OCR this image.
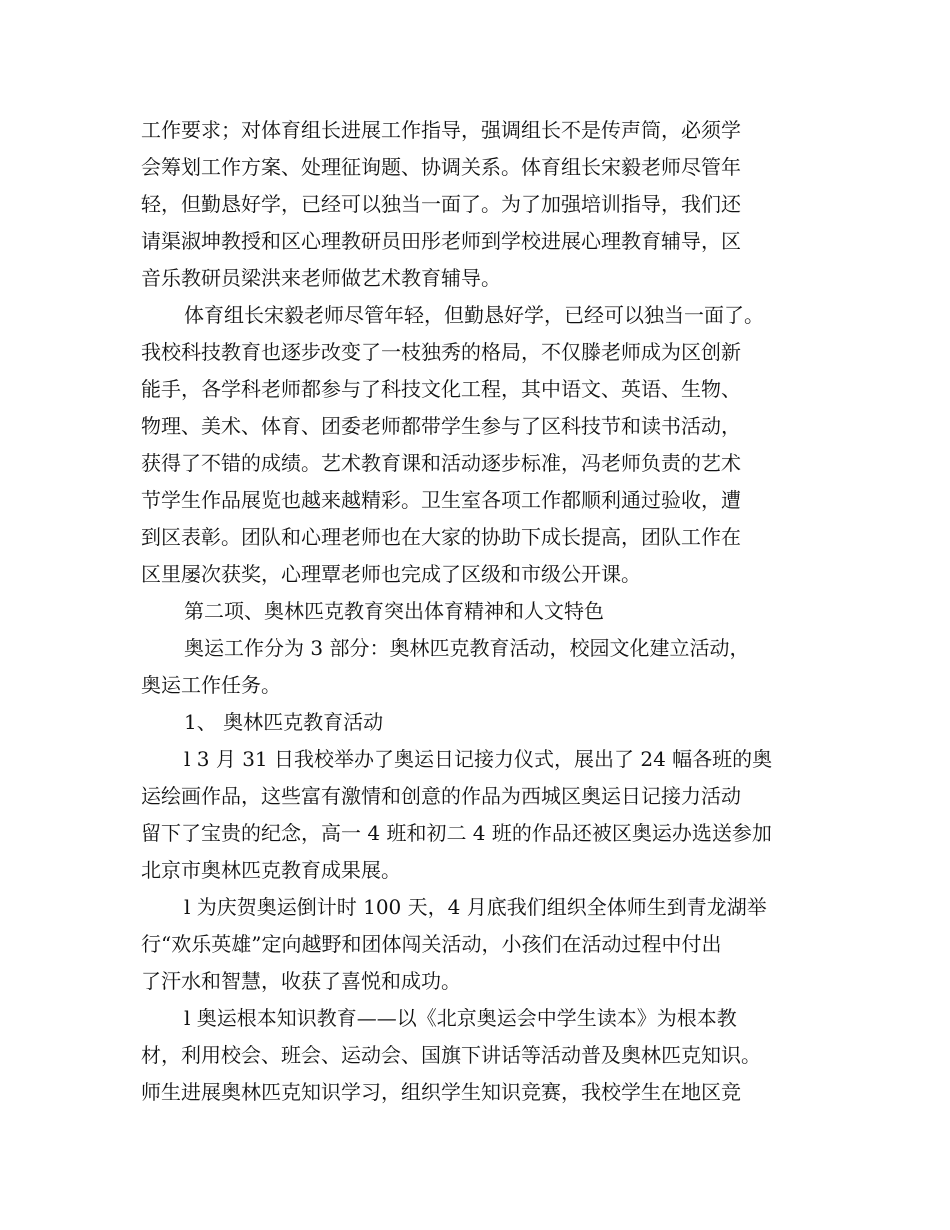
工作要求；对体育组长进展工作指导，强调组长不是传声筒，必须学
会筹划工作方案、处理征询题、协调关系。体育组长宋毅老师尽管年
轻，但勤恳好学，已经可以独当一面了。为了加强培训指导，我们还
请渠淑坤教授和区心理教研员田彤老师到学校进展心理教育辅导，区
音乐教研员梁洪来老师做艺术教育辅导。
体育组长宋毅老师尽管年轻，但勤恳好学，已经可以独当一面了。
我校科技教育也逐步改变了一枝独秀的格局，不仅滕老师成为区创新
能手，各学科老师都参与了科技文化工程，其中语文、英语、生物、
物理、美术、体育、团委老师都带学生参与了区科技节和读书活动，
获得了不错的成绩。艺术教育课和活动逐步标准，冯老师负责的艺术
节学生作品展览也越来越精彩。卫生室各项工作都顺利通过验收，遭
到区表彰。团队和心理老师也在大家的协助下成长提高，团队工作在
区里屡次获奖，心理覃老师也完成了区级和市级公开课。
第二项、奥林匹克教育突出体育精神和人文特色
奥运工作分为 3 部分：奥林匹克教育活动，校园文化建立活动，
奥运工作任务。
1、 奥林匹克教育活动
l 3 月 31 日我校举办了奥运日记接力仪式，展出了 24 幅各班的奥
运绘画作品，这些富有激情和创意的作品为西城区奥运日记接力活动
留下了宝贵的纪念，高一 4 班和初二 4 班的作品还被区奥运办选送参加
北京市奥林匹克教育成果展。
l 为庆贺奥运倒计时 100 天，4 月底我们组织全体师生到青龙湖举
行“欢乐英雄”定向越野和团体闯关活动，小孩们在活动过程中付出
了汗水和智慧，收获了喜悦和成功。
l 奥运根本知识教育——以《北京奥运会中学生读本》为根本教
材，利用校会、班会、运动会、国旗下讲话等活动普及奥林匹克知识。
师生进展奥林匹克知识学习，组织学生知识竞赛，我校学生在地区竞
